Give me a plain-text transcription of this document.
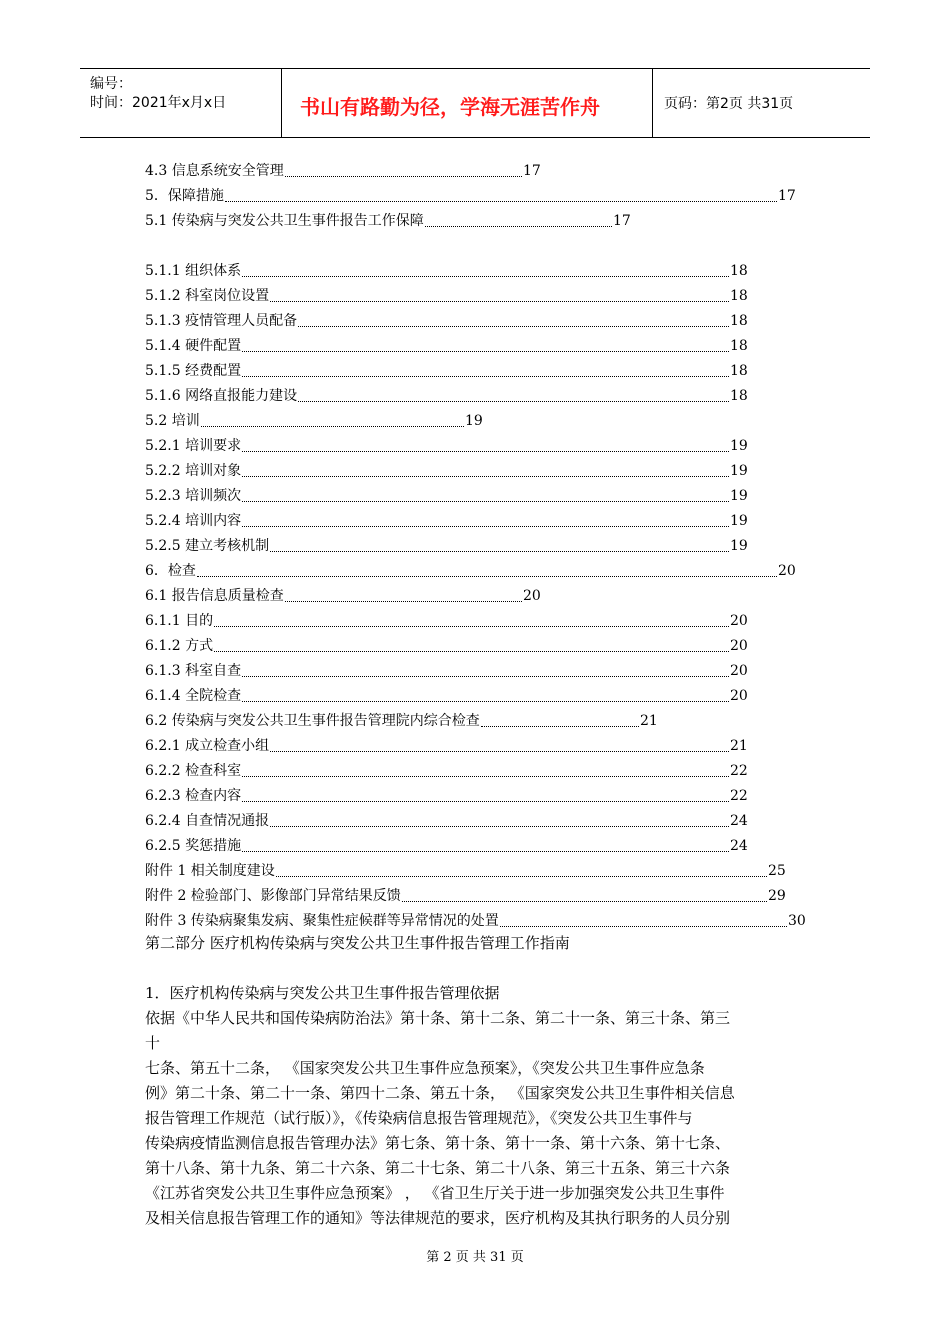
编号：
时间：2021年x月x日	书山有路勤为径，学海无涯苦作舟	页码：第2页 共31页
4.3 信息系统安全管理	17
5．保障措施	17
5.1 传染病与突发公共卫生事件报告工作保障	17
5.1.1 组织体系	18
5.1.2 科室岗位设置	18
5.1.3 疫情管理人员配备	18
5.1.4 硬件配置	18
5.1.5 经费配置	18
5.1.6 网络直报能力建设	18
5.2 培训	19
5.2.1 培训要求	19
5.2.2 培训对象	19
5.2.3 培训频次	19
5.2.4 培训内容	19
5.2.5 建立考核机制	19
6．检查	20
6.1 报告信息质量检查	20
6.1.1 目的	20
6.1.2 方式	20
6.1.3 科室自查	20
6.1.4 全院检查	20
6.2 传染病与突发公共卫生事件报告管理院内综合检查	21
6.2.1 成立检查小组	21
6.2.2 检查科室	22
6.2.3 检查内容	22
6.2.4 自查情况通报	24
6.2.5 奖惩措施	24
附件 1 相关制度建设	25
附件 2 检验部门、影像部门异常结果反馈	29
附件 3 传染病聚集发病、聚集性症候群等异常情况的处置	30

第二部分 医疗机构传染病与突发公共卫生事件报告管理工作指南

1．医疗机构传染病与突发公共卫生事件报告管理依据

依据《中华人民共和国传染病防治法》第十条、第十二条、第二十一条、第三十条、第三

十

七条、第五十二条， 《国家突发公共卫生事件应急预案》，《突发公共卫生事件应急条

例》第二十条、第二十一条、第四十二条、第五十条， 《国家突发公共卫生事件相关信息

报告管理工作规范（试行版）》，《传染病信息报告管理规范》，《突发公共卫生事件与

传染病疫情监测信息报告管理办法》第七条、第十条、第十一条、第十六条、第十七条、

第十八条、第十九条、第二十六条、第二十七条、第二十八条、第三十五条、第三十六条

《江苏省突发公共卫生事件应急预案》 ， 《省卫生厅关于进一步加强突发公共卫生事件

及相关信息报告管理工作的通知》等法律规范的要求，医疗机构及其执行职务的人员分别

第 2 页 共 31 页
